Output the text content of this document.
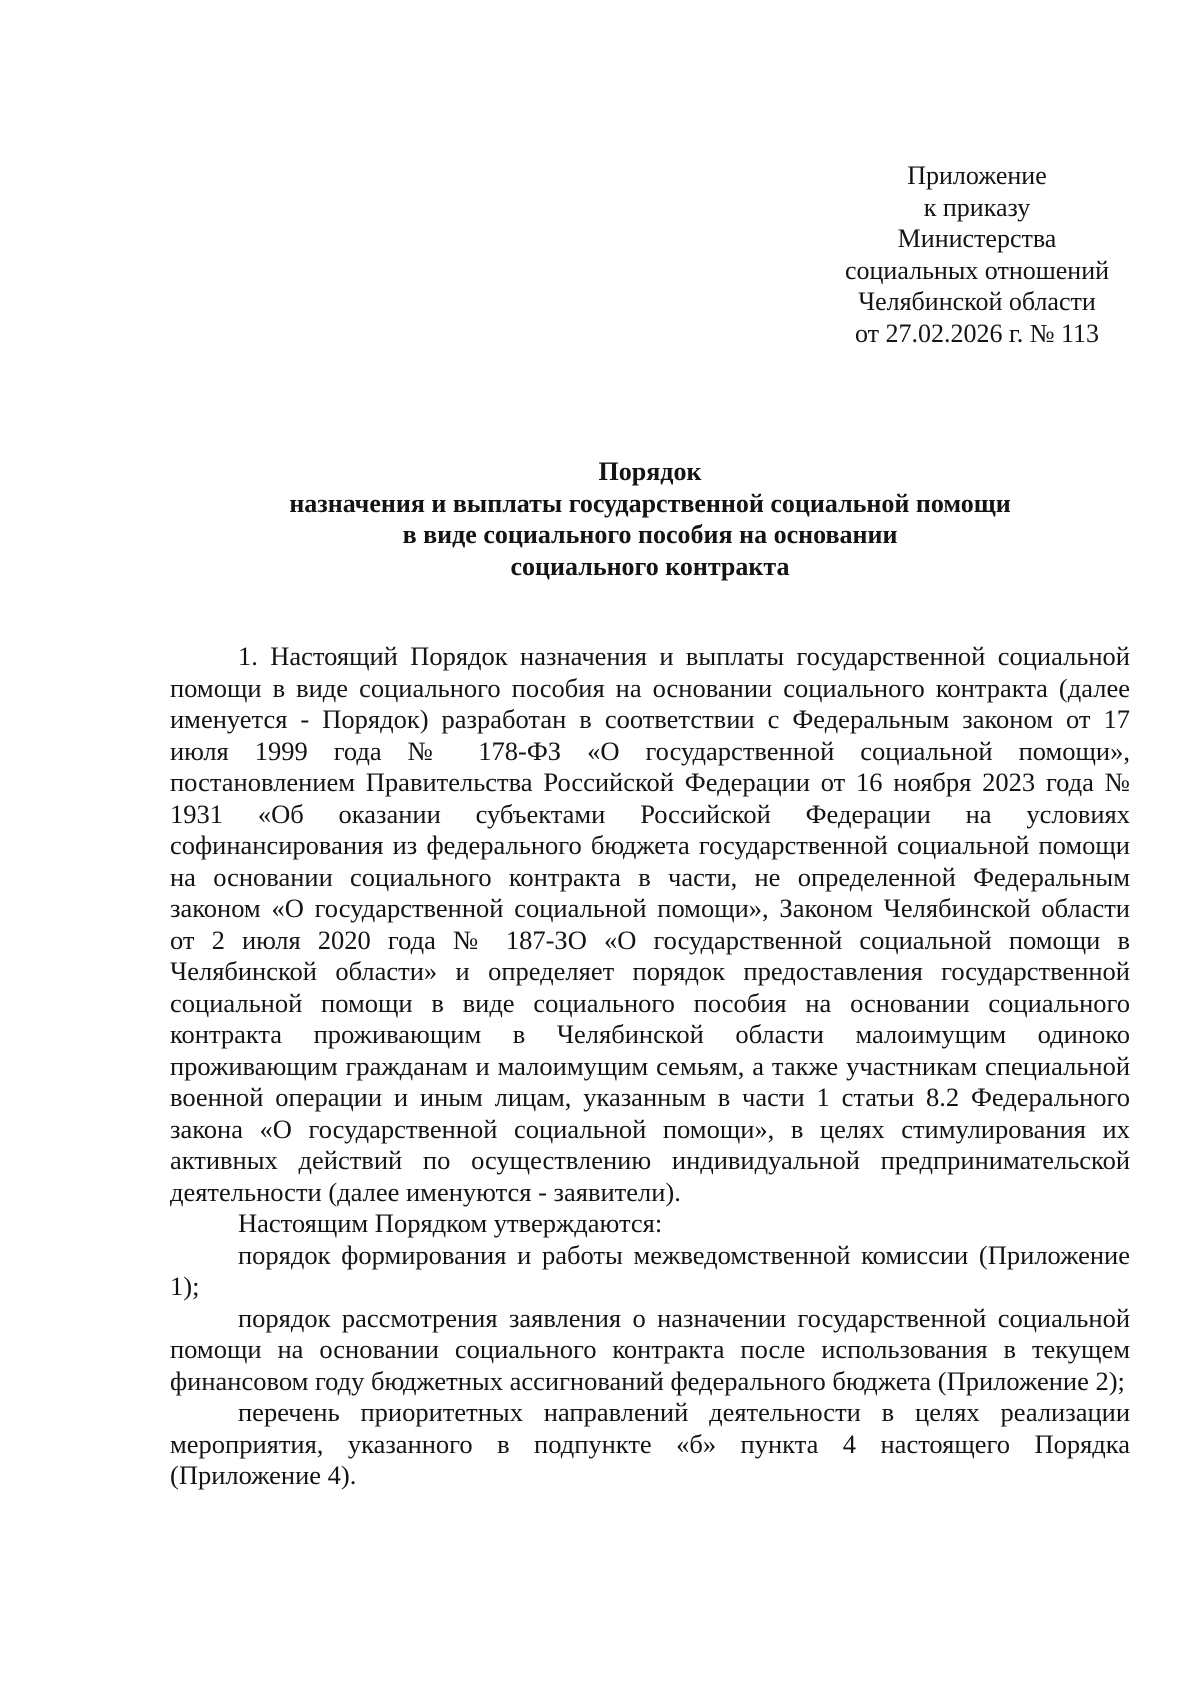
Приложение
к приказу
Министерства
социальных отношений
Челябинской области
от 27.02.2026 г. № 113
Порядок
назначения и выплаты государственной социальной помощи
в виде социального пособия на основании
социального контракта

1. Настоящий Порядок назначения и выплаты государственной социальной помощи в виде социального пособия на основании социального контракта (далее именуется - Порядок) разработан в соответствии с Федеральным законом от 17 июля 1999 года № 178-ФЗ «О государственной социальной помощи», постановлением Правительства Российской Федерации от 16 ноября 2023 года № 1931 «Об оказании субъектами Российской Федерации на условиях софинансирования из федерального бюджета государственной социальной помощи на основании социального контракта в части, не определенной Федеральным законом «О государственной социальной помощи», Законом Челябинской области от 2 июля 2020 года № 187-ЗО «О государственной социальной помощи в Челябинской области» и определяет порядок предоставления государственной социальной помощи в виде социального пособия на основании социального контракта проживающим в Челябинской области малоимущим одиноко проживающим гражданам и малоимущим семьям, а также участникам специальной военной операции и иным лицам, указанным в части 1 статьи 8.2 Федерального закона «О государственной социальной помощи», в целях стимулирования их активных действий по осуществлению индивидуальной предпринимательской деятельности (далее именуются - заявители).

Настоящим Порядком утверждаются:

порядок формирования и работы межведомственной комиссии (Приложение 1);

порядок рассмотрения заявления о назначении государственной социальной помощи на основании социального контракта после использования в текущем финансовом году бюджетных ассигнований федерального бюджета (Приложение 2);

перечень приоритетных направлений деятельности в целях реализации мероприятия, указанного в подпункте «б» пункта 4 настоящего Порядка (Приложение 4).
